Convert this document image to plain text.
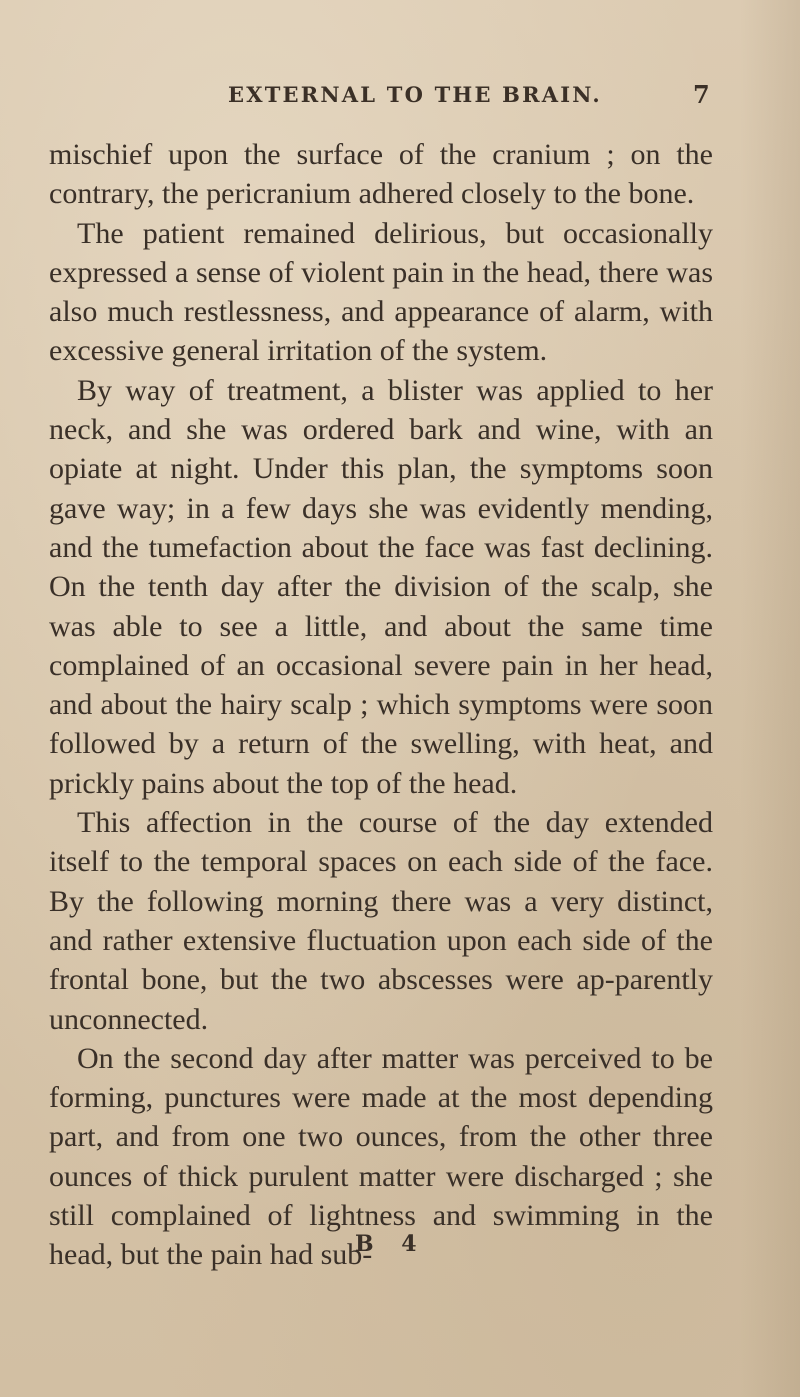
EXTERNAL TO THE BRAIN.	7

mischief upon the surface of the cranium ; on the contrary, the pericranium adhered closely to the bone.

The patient remained delirious, but occasionally expressed a sense of violent pain in the head, there was also much restlessness, and appearance of alarm, with excessive general irritation of the system.

By way of treatment, a blister was applied to her neck, and she was ordered bark and wine, with an opiate at night. Under this plan, the symptoms soon gave way; in a few days she was evidently mending, and the tumefaction about the face was fast declining. On the tenth day after the division of the scalp, she was able to see a little, and about the same time complained of an occasional severe pain in her head, and about the hairy scalp ; which symptoms were soon followed by a return of the swelling, with heat, and prickly pains about the top of the head.

This affection in the course of the day extended itself to the temporal spaces on each side of the face. By the following morning there was a very distinct, and rather extensive fluctuation upon each side of the frontal bone, but the two abscesses were ap-parently unconnected.

On the second day after matter was perceived to be forming, punctures were made at the most depending part, and from one two ounces, from the other three ounces of thick purulent matter were discharged ; she still complained of lightness and swimming in the head, but the pain had sub-

B 4
